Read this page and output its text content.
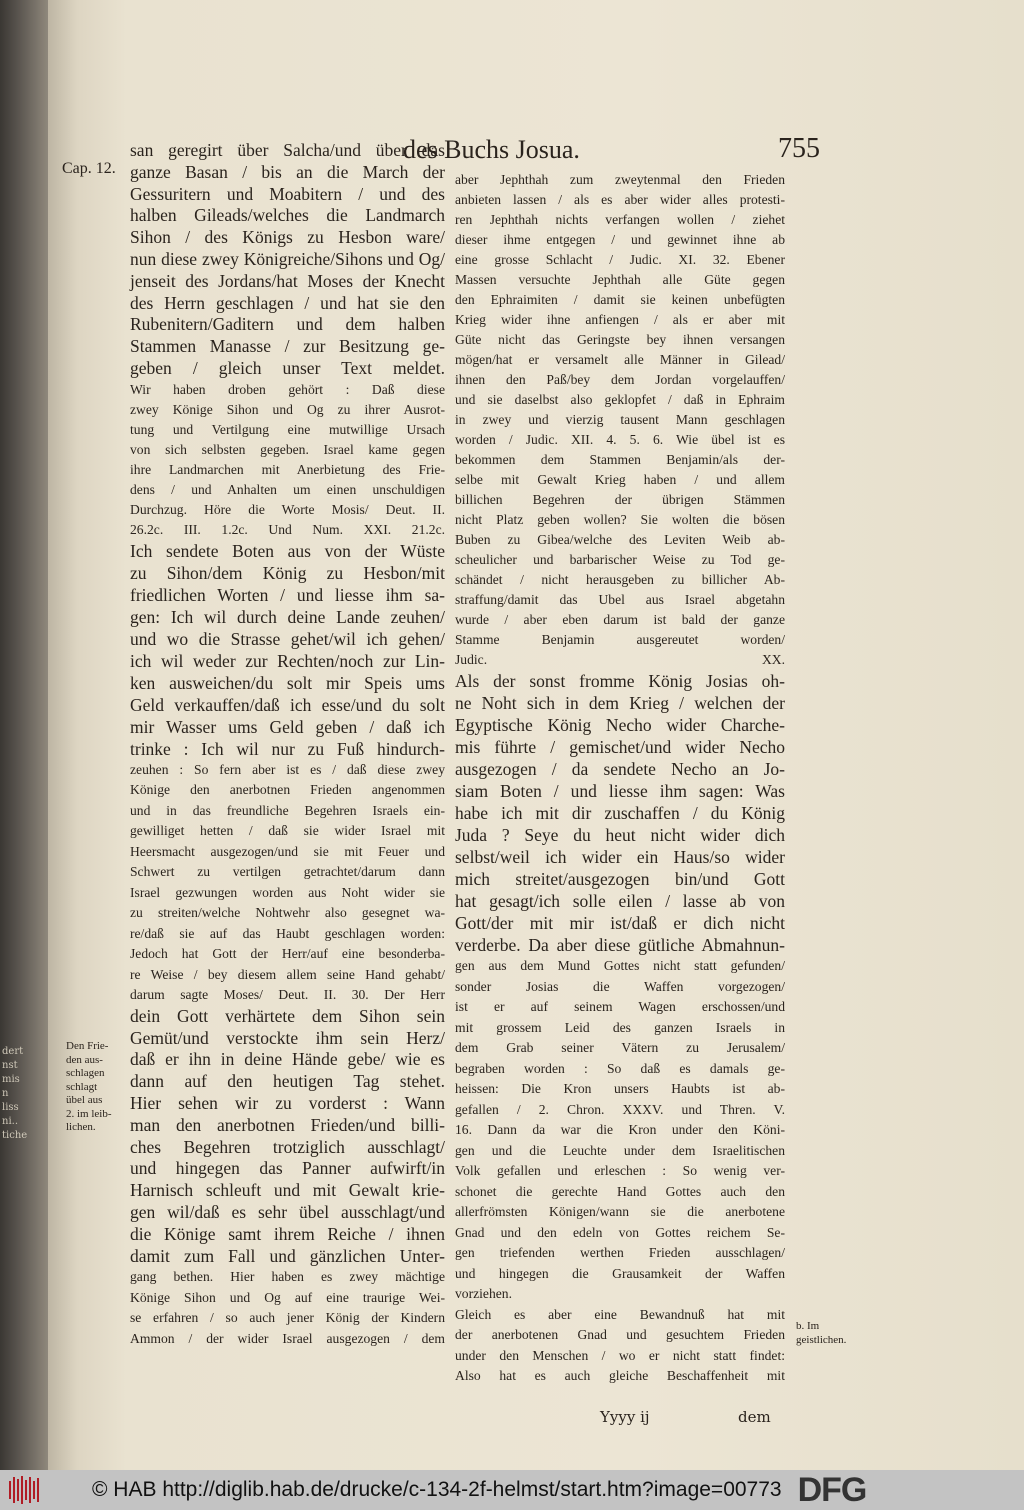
dert
nst
mis
n
liss
ni..
tiche
des Buchs Josua.	755
Cap. 12.
san geregirt über Salcha/und über das
ganze Basan / bis an die March der
Gessuritern und Moabitern / und des
halben Gileads/welches die Landmarch
Sihon / des Königs zu Hesbon ware/
nun diese zwey Königreiche/Sihons und Og/
jenseit des Jordans/hat Moses der Knecht
des Herrn geschlagen / und hat sie den
Rubenitern/Gaditern und dem halben
Stammen Manasse / zur Besitzung ge-
geben / gleich unser Text meldet.
Wir haben droben gehört : Daß diese
zwey Könige Sihon und Og zu ihrer Ausrot-
tung und Vertilgung eine mutwillige Ursach
von sich selbsten gegeben. Israel kame gegen
ihre Landmarchen mit Anerbietung des Frie-
dens / und Anhalten um einen unschuldigen
Durchzug. Höre die Worte Mosis/ Deut. II.
26.2c. III. 1.2c. Und Num. XXI. 21.2c.
Ich sendete Boten aus von der Wüste
zu Sihon/dem König zu Hesbon/mit
friedlichen Worten / und liesse ihm sa-
gen: Ich wil durch deine Lande zeuhen/
und wo die Strasse gehet/wil ich gehen/
ich wil weder zur Rechten/noch zur Lin-
ken ausweichen/du solt mir Speis ums
Geld verkauffen/daß ich esse/und du solt
mir Wasser ums Geld geben / daß ich
trinke : Ich wil nur zu Fuß hindurch-
zeuhen : So fern aber ist es / daß diese zwey
Könige den anerbotnen Frieden angenommen
und in das freundliche Begehren Israels ein-
gewilliget hetten / daß sie wider Israel mit
Heersmacht ausgezogen/und sie mit Feuer und
Schwert zu vertilgen getrachtet/darum dann
Israel gezwungen worden aus Noht wider sie
zu streiten/welche Nohtwehr also gesegnet wa-
re/daß sie auf das Haubt geschlagen worden:
Jedoch hat Gott der Herr/auf eine besonderba-
re Weise / bey diesem allem seine Hand gehabt/
darum sagte Moses/ Deut. II. 30. Der Herr
dein Gott verhärtete dem Sihon sein
Gemüt/und verstockte ihm sein Herz/
daß er ihn in deine Hände gebe/ wie es
dann auf den heutigen Tag stehet.
Hier sehen wir zu vorderst : Wann
man den anerbotnen Frieden/und billi-
ches Begehren trotziglich ausschlagt/
und hingegen das Panner aufwirft/in
Harnisch schleuft und mit Gewalt krie-
gen wil/daß es sehr übel ausschlagt/und
die Könige samt ihrem Reiche / ihnen
damit zum Fall und gänzlichen Unter-
gang bethen. Hier haben es zwey mächtige
Könige Sihon und Og auf eine traurige Wei-
se erfahren / so auch jener König der Kindern
Ammon / der wider Israel ausgezogen / dem
aber Jephthah zum zweytenmal den Frieden
anbieten lassen / als es aber wider alles protesti-
ren Jephthah nichts verfangen wollen / ziehet
dieser ihme entgegen / und gewinnet ihne ab
eine grosse Schlacht / Judic. XI. 32. Ebener
Massen versuchte Jephthah alle Güte gegen
den Ephraimiten / damit sie keinen unbefügten
Krieg wider ihne anfiengen / als er aber mit
Güte nicht das Geringste bey ihnen versangen
mögen/hat er versamelt alle Männer in Gilead/
ihnen den Paß/bey dem Jordan vorgelauffen/
und sie daselbst also geklopfet / daß in Ephraim
in zwey und vierzig tausent Mann geschlagen
worden / Judic. XII. 4. 5. 6. Wie übel ist es
bekommen dem Stammen Benjamin/als der-
selbe mit Gewalt Krieg haben / und allem
billichen Begehren der übrigen Stämmen
nicht Platz geben wollen? Sie wolten die bösen
Buben zu Gibea/welche des Leviten Weib ab-
scheulicher und barbarischer Weise zu Tod ge-
schändet / nicht herausgeben zu billicher Ab-
straffung/damit das Ubel aus Israel abgetahn
wurde / aber eben darum ist bald der ganze
Stamme Benjamin ausgereutet worden/
Judic. XX.
Als der sonst fromme König Josias oh-
ne Noht sich in dem Krieg / welchen der
Egyptische König Necho wider Charche-
mis führte / gemischet/und wider Necho
ausgezogen / da sendete Necho an Jo-
siam Boten / und liesse ihm sagen: Was
habe ich mit dir zuschaffen / du König
Juda ? Seye du heut nicht wider dich
selbst/weil ich wider ein Haus/so wider
mich streitet/ausgezogen bin/und Gott
hat gesagt/ich solle eilen / lasse ab von
Gott/der mit mir ist/daß er dich nicht
verderbe. Da aber diese gütliche Abmahnun-
gen aus dem Mund Gottes nicht statt gefunden/
sonder Josias die Waffen vorgezogen/
ist er auf seinem Wagen erschossen/und
mit grossem Leid des ganzen Israels in
dem Grab seiner Vätern zu Jerusalem/
begraben worden : So daß es damals ge-
heissen: Die Kron unsers Haubts ist ab-
gefallen / 2. Chron. XXXV. und Thren. V.
16. Dann da war die Kron under den Köni-
gen und die Leuchte under dem Israelitischen
Volk gefallen und erleschen : So wenig ver-
schonet die gerechte Hand Gottes auch den
allerfrömsten Königen/wann sie die anerbotene
Gnad und den edeln von Gottes reichem Se-
gen triefenden werthen Frieden ausschlagen/
und hingegen die Grausamkeit der Waffen
vorziehen.
Gleich es aber eine Bewandnuß hat mit
der anerbotenen Gnad und gesuchtem Frieden
under den Menschen / wo er nicht statt findet:
Also hat es auch gleiche Beschaffenheit mit
Den Frie-
den aus-
schlagen
schlagt
übel aus
2. im leib-
lichen.
b. Im
geistlichen.
Yyyy ij	dem
© HAB http://diglib.hab.de/drucke/c-134-2f-helmst/start.htm?image=00773 DFG
